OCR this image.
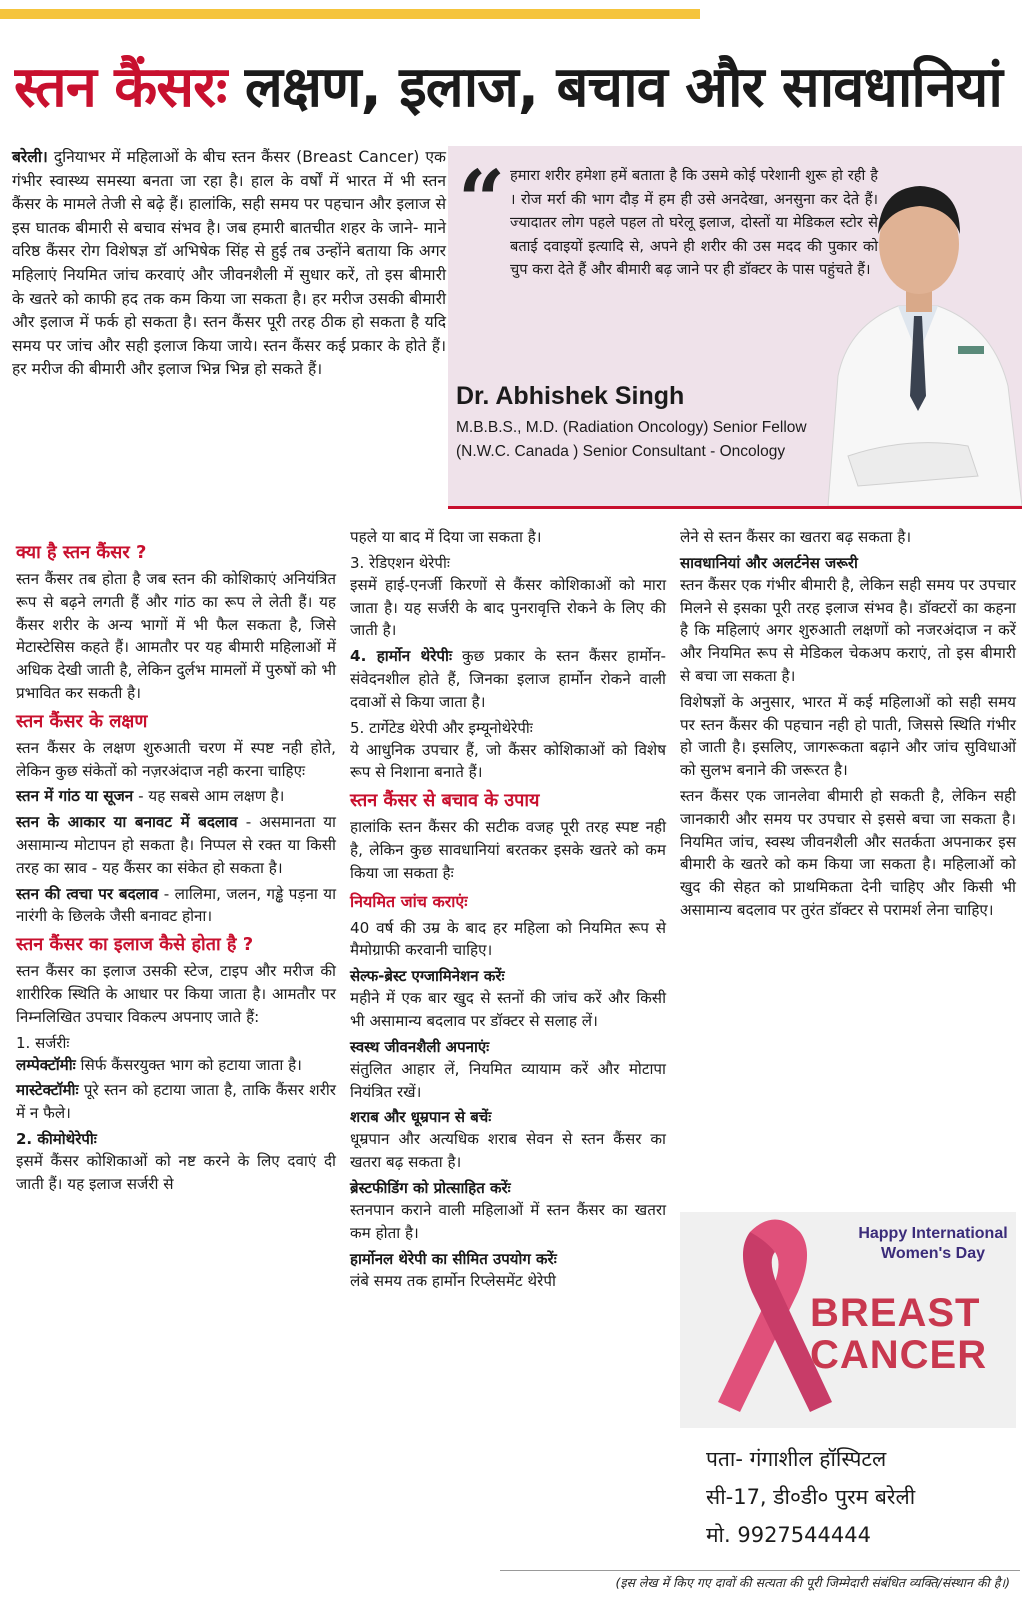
स्तन कैंसरः लक्षण, इलाज, बचाव और सावधानियां
बरेली। दुनियाभर में महिलाओं के बीच स्तन कैंसर (Breast Cancer) एक गंभीर स्वास्थ्य समस्या बनता जा रहा है। हाल के वर्षों में भारत में भी स्तन कैंसर के मामले तेजी से बढ़े हैं। हालांकि, सही समय पर पहचान और इलाज से इस घातक बीमारी से बचाव संभव है। जब हमारी बातचीत शहर के जाने- माने वरिष्ठ कैंसर रोग विशेषज्ञ डॉ अभिषेक सिंह से हुई तब उन्होंने बताया कि अगर महिलाएं नियमित जांच करवाएं और जीवनशैली में सुधार करें, तो इस बीमारी के खतरे को काफी हद तक कम किया जा सकता है। हर मरीज उसकी बीमारी और इलाज में फर्क हो सकता है। स्तन कैंसर पूरी तरह ठीक हो सकता है यदि समय पर जांच और सही इलाज किया जाये। स्तन कैंसर कई प्रकार के होते हैं। हर मरीज की बीमारी और इलाज भिन्न भिन्न हो सकते हैं।
“ हमारा शरीर हमेशा हमें बताता है कि उसमे कोई परेशानी शुरू हो रही है । रोज मर्रा की भाग दौड़ में हम ही उसे अनदेखा, अनसुना कर देते हैं। ज्यादातर लोग पहले पहल तो घरेलू इलाज, दोस्तों या मेडिकल स्टोर से बताई दवाइयों इत्यादि से, अपने ही शरीर की उस मदद की पुकार को चुप करा देते हैं और बीमारी बढ़ जाने पर ही डॉक्टर के पास पहुंचते हैं।
Dr. Abhishek Singh
M.B.B.S., M.D. (Radiation Oncology) Senior Fellow (N.W.C. Canada ) Senior Consultant - Oncology
क्या है स्तन कैंसर ?

स्तन कैंसर तब होता है जब स्तन की कोशिकाएं अनियंत्रित रूप से बढ़ने लगती हैं और गांठ का रूप ले लेती हैं। यह कैंसर शरीर के अन्य भागों में भी फैल सकता है, जिसे मेटास्टेसिस कहते हैं। आमतौर पर यह बीमारी महिलाओं में अधिक देखी जाती है, लेकिन दुर्लभ मामलों में पुरुषों को भी प्रभावित कर सकती है।

स्तन कैंसर के लक्षण

स्तन कैंसर के लक्षण शुरुआती चरण में स्पष्ट नही होते, लेकिन कुछ संकेतों को नज़रअंदाज नही करना चाहिएः

स्तन में गांठ या सूजन - यह सबसे आम लक्षण है।

स्तन के आकार या बनावट में बदलाव - असमानता या असामान्य मोटापन हो सकता है। निप्पल से रक्त या किसी तरह का स्राव - यह कैंसर का संकेत हो सकता है।

स्तन की त्वचा पर बदलाव - लालिमा, जलन, गड्ढे पड़ना या नारंगी के छिलके जैसी बनावट होना।

स्तन कैंसर का इलाज कैसे होता है ?

स्तन कैंसर का इलाज उसकी स्टेज, टाइप और मरीज की शारीरिक स्थिति के आधार पर किया जाता है। आमतौर पर निम्नलिखित उपचार विकल्प अपनाए जाते हैं:

1. सर्जरीः

लम्पेक्टॉमीः सिर्फ कैंसरयुक्त भाग को हटाया जाता है।

मास्टेक्टॉमीः पूरे स्तन को हटाया जाता है, ताकि कैंसर शरीर में न फैले।

2. कीमोथेरेपीः

इसमें कैंसर कोशिकाओं को नष्ट करने के लिए दवाएं दी जाती हैं। यह इलाज सर्जरी से

पहले या बाद में दिया जा सकता है।

3. रेडिएशन थेरेपीः

इसमें हाई-एनर्जी किरणों से कैंसर कोशिकाओं को मारा जाता है। यह सर्जरी के बाद पुनरावृत्ति रोकने के लिए की जाती है।

4. हार्मोन थेरेपीः कुछ प्रकार के स्तन कैंसर हार्मोन- संवेदनशील होते हैं, जिनका इलाज हार्मोन रोकने वाली दवाओं से किया जाता है।

5. टार्गेटेड थेरेपी और इम्यूनोथेरेपीः

ये आधुनिक उपचार हैं, जो कैंसर कोशिकाओं को विशेष रूप से निशाना बनाते हैं।

स्तन कैंसर से बचाव के उपाय

हालांकि स्तन कैंसर की सटीक वजह पूरी तरह स्पष्ट नही है, लेकिन कुछ सावधानियां बरतकर इसके खतरे को कम किया जा सकता हैः

नियमित जांच कराएंः

40 वर्ष की उम्र के बाद हर महिला को नियमित रूप से मैमोग्राफी करवानी चाहिए।

सेल्फ-ब्रेस्ट एग्जामिनेशन करेंः

महीने में एक बार खुद से स्तनों की जांच करें और किसी भी असामान्य बदलाव पर डॉक्टर से सलाह लें।

स्वस्थ जीवनशैली अपनाएंः

संतुलित आहार लें, नियमित व्यायाम करें और मोटापा नियंत्रित रखें।

शराब और धूम्रपान से बचेंः

धूम्रपान और अत्यधिक शराब सेवन से स्तन कैंसर का खतरा बढ़ सकता है।

ब्रेस्टफीडिंग को प्रोत्साहित करेंः

स्तनपान कराने वाली महिलाओं में स्तन कैंसर का खतरा कम होता है।

हार्मोनल थेरेपी का सीमित उपयोग करेंः

लंबे समय तक हार्मोन रिप्लेसमेंट थेरेपी

लेने से स्तन कैंसर का खतरा बढ़ सकता है।

सावधानियां और अलर्टनेस जरूरी

स्तन कैंसर एक गंभीर बीमारी है, लेकिन सही समय पर उपचार मिलने से इसका पूरी तरह इलाज संभव है। डॉक्टरों का कहना है कि महिलाएं अगर शुरुआती लक्षणों को नजरअंदाज न करें और नियमित रूप से मेडिकल चेकअप कराएं, तो इस बीमारी से बचा जा सकता है।

विशेषज्ञों के अनुसार, भारत में कई महिलाओं को सही समय पर स्तन कैंसर की पहचान नही हो पाती, जिससे स्थिति गंभीर हो जाती है। इसलिए, जागरूकता बढ़ाने और जांच सुविधाओं को सुलभ बनाने की जरूरत है।

स्तन कैंसर एक जानलेवा बीमारी हो सकती है, लेकिन सही जानकारी और समय पर उपचार से इससे बचा जा सकता है। नियमित जांच, स्वस्थ जीवनशैली और सतर्कता अपनाकर इस बीमारी के खतरे को कम किया जा सकता है। महिलाओं को खुद की सेहत को प्राथमिकता देनी चाहिए और किसी भी असामान्य बदलाव पर तुरंत डॉक्टर से परामर्श लेना चाहिए।

Happy International Women's Day
BREAST
CANCER
पता- गंगाशील हॉस्पिटल
सी-17, डी०डी० पुरम बरेली
मो. 9927544444
(इस लेख में किए गए दावों की सत्यता की पूरी जिम्मेदारी संबंधित व्यक्ति/संस्थान की है।)
